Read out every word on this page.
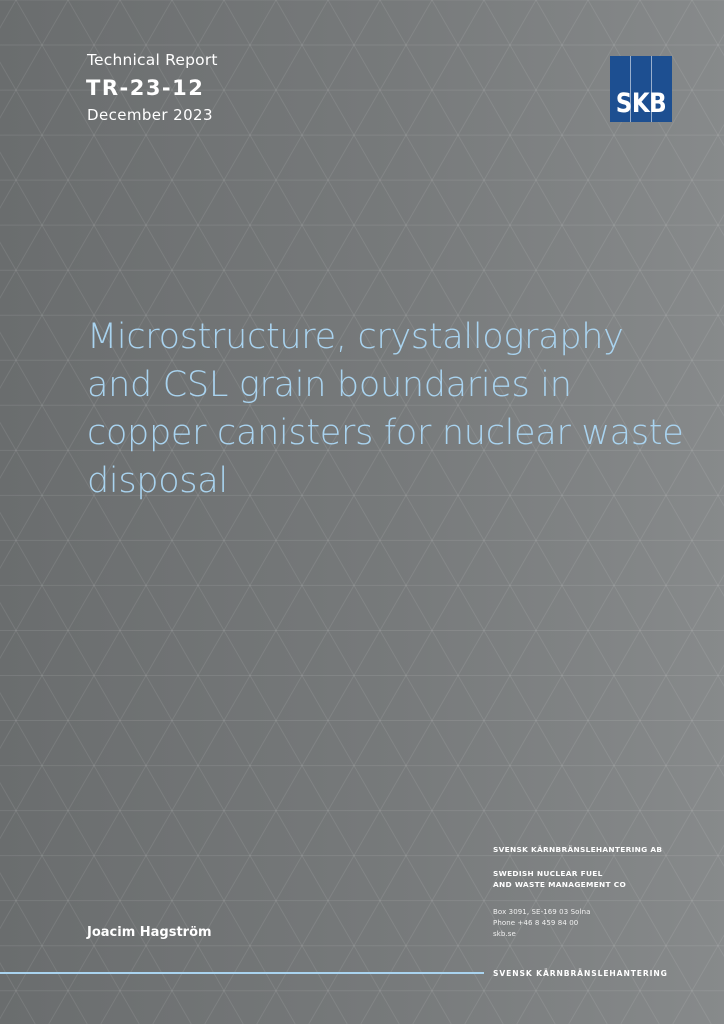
Technical Report
TR-23-12
December 2023	SKB
Microstructure, crystallography and CSL grain boundaries in copper canisters for nuclear waste disposal
Joacim Hagström
SVENSK KÄRNBRÄNSLEHANTERING AB
SWEDISH NUCLEAR FUEL
AND WASTE MANAGEMENT CO
Box 3091, SE-169 03 Solna
Phone +46 8 459 84 00
skb.se
SVENSK KÄRNBRÄNSLEHANTERING
